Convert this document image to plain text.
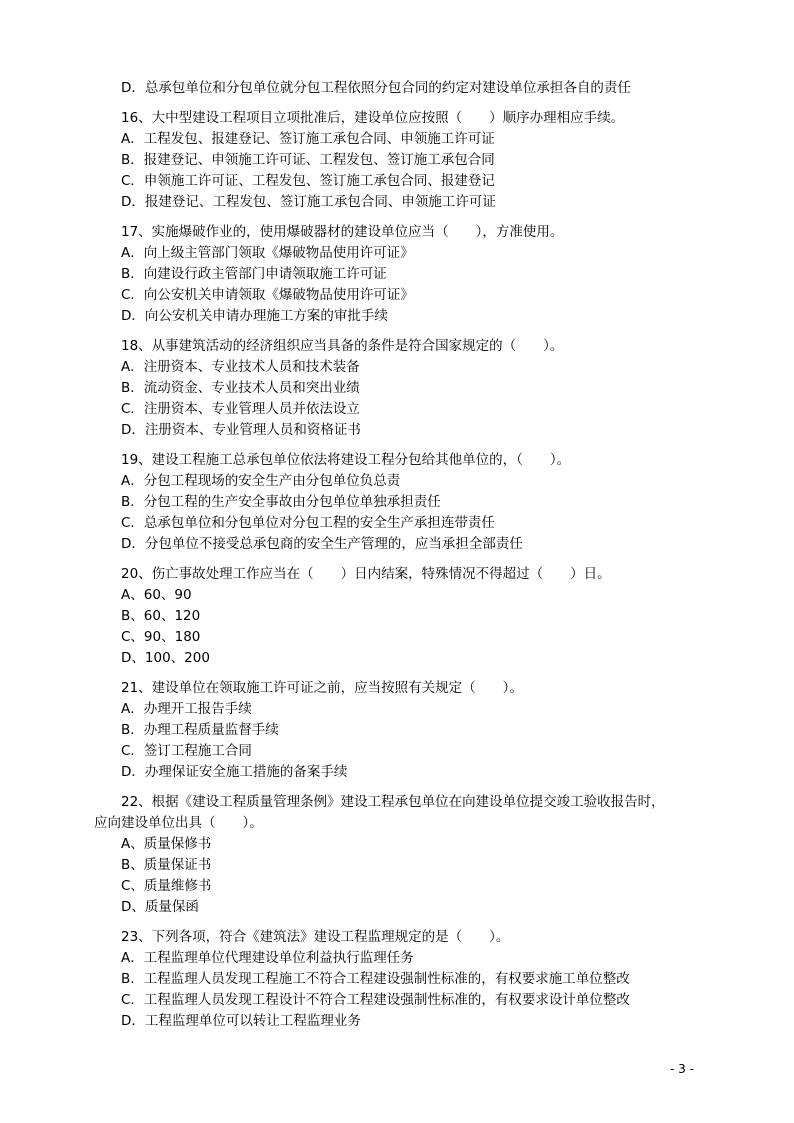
D．总承包单位和分包单位就分包工程依照分包合同的约定对建设单位承担各自的责任
16、大中型建设工程项目立项批准后，建设单位应按照（　　）顺序办理相应手续。
A．工程发包、报建登记、签订施工承包合同、申领施工许可证
B．报建登记、申领施工许可证、工程发包、签订施工承包合同
C．申领施工许可证、工程发包、签订施工承包合同、报建登记
D．报建登记、工程发包、签订施工承包合同、申领施工许可证
17、实施爆破作业的，使用爆破器材的建设单位应当（　　），方准使用。
A．向上级主管部门领取《爆破物品使用许可证》
B．向建设行政主管部门申请领取施工许可证
C．向公安机关申请领取《爆破物品使用许可证》
D．向公安机关申请办理施工方案的审批手续
18、从事建筑活动的经济组织应当具备的条件是符合国家规定的（　　）。
A．注册资本、专业技术人员和技术装备
B．流动资金、专业技术人员和突出业绩
C．注册资本、专业管理人员并依法设立
D．注册资本、专业管理人员和资格证书
19、建设工程施工总承包单位依法将建设工程分包给其他单位的，（　　）。
A．分包工程现场的安全生产由分包单位负总责
B．分包工程的生产安全事故由分包单位单独承担责任
C．总承包单位和分包单位对分包工程的安全生产承担连带责任
D．分包单位不接受总承包商的安全生产管理的，应当承担全部责任
20、伤亡事故处理工作应当在（　　）日内结案，特殊情况不得超过（　　）日。
A、60、90
B、60、120
C、90、180
D、100、200
21、建设单位在领取施工许可证之前，应当按照有关规定（　　）。
A．办理开工报告手续
B．办理工程质量监督手续
C．签订工程施工合同
D．办理保证安全施工措施的备案手续
22、根据《建设工程质量管理条例》建设工程承包单位在向建设单位提交竣工验收报告时，
应向建设单位出具（　　）。
A、质量保修书
B、质量保证书
C、质量维修书
D、质量保函
23、下列各项，符合《建筑法》建设工程监理规定的是（　　）。
A．工程监理单位代理建设单位利益执行监理任务
B．工程监理人员发现工程施工不符合工程建设强制性标准的，有权要求施工单位整改
C．工程监理人员发现工程设计不符合工程建设强制性标准的，有权要求设计单位整改
D．工程监理单位可以转让工程监理业务
- 3 -
